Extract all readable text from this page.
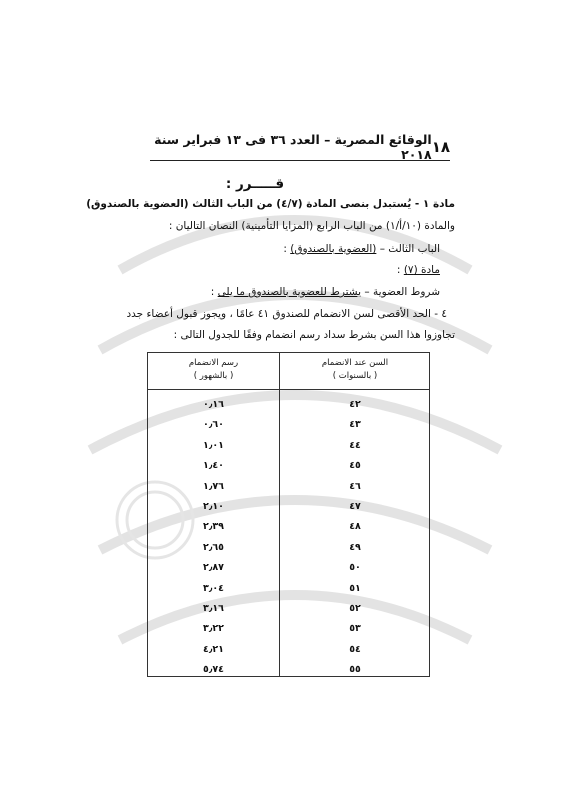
١٨
الوقائع المصرية – العدد ٣٦ فى ١٣ فبراير سنة ٢٠١٨
قـــــرر :
مادة ١ - يُستبدل بنصى المادة (٤/٧) من الباب الثالث (العضوية بالصندوق)
والمادة (١٠/أ/١) من الباب الرابع (المزايا التأمينية) النصان التاليان :
الباب الثالث – (العضوية بالصندوق) :
مادة (٧) :
شروط العضوية – يشترط للعضوية بالصندوق ما يلى :
٤ - الحد الأقصى لسن الانضمام للصندوق ٤١ عامًا ، ويجوز قبول أعضاء جدد
تجاوزوا هذا السن بشرط سداد رسم انضمام وفقًا للجدول التالى :
السن عند الانضمام
( بالسنوات )
رسم الانضمام
( بالشهور )
٤٢
٠٫١٦
٤٣
٠٫٦٠
٤٤
١٫٠١
٤٥
١٫٤٠
٤٦
١٫٧٦
٤٧
٢٫١٠
٤٨
٢٫٣٩
٤٩
٢٫٦٥
٥٠
٢٫٨٧
٥١
٣٫٠٤
٥٢
٣٫١٦
٥٣
٣٫٢٢
٥٤
٤٫٢١
٥٥
٥٫٧٤
